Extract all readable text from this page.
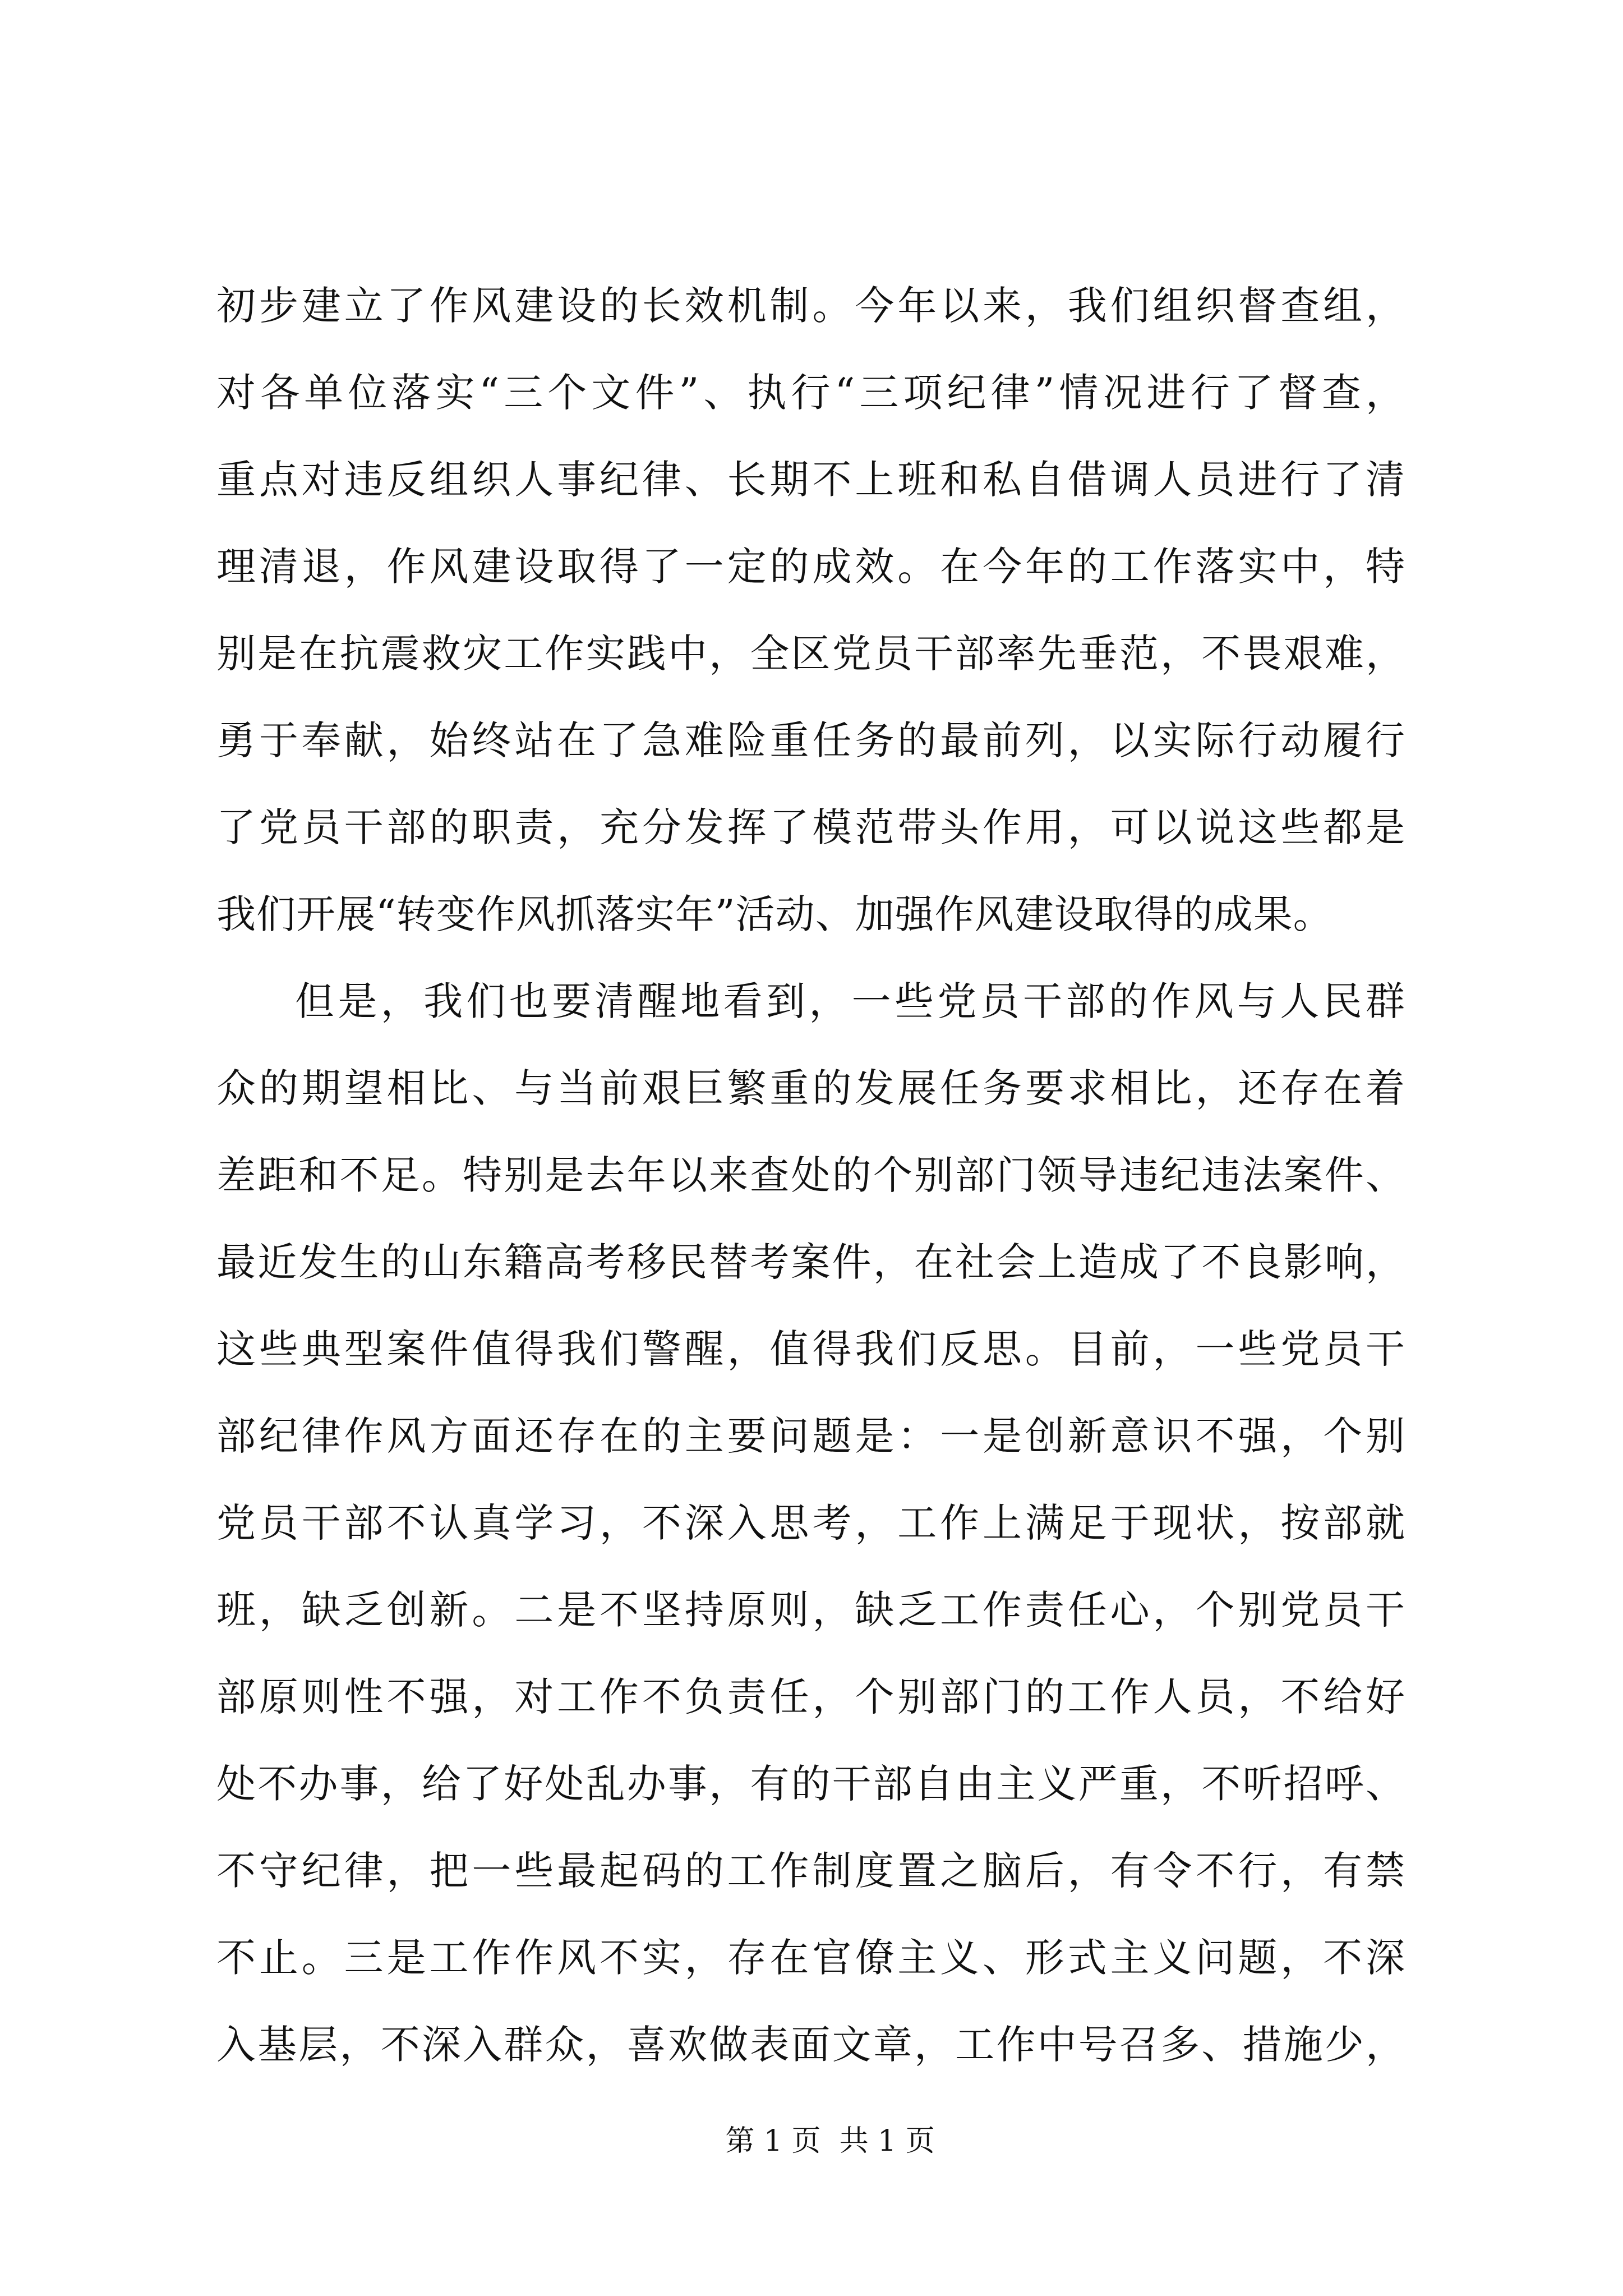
初步建立了作风建设的长效机制。今年以来，我们组织督查组，
对各单位落实“三个文件”、执行“三项纪律”情况进行了督查，
重点对违反组织人事纪律、长期不上班和私自借调人员进行了清
理清退，作风建设取得了一定的成效。在今年的工作落实中，特
别是在抗震救灾工作实践中，全区党员干部率先垂范，不畏艰难，
勇于奉献，始终站在了急难险重任务的最前列，以实际行动履行
了党员干部的职责，充分发挥了模范带头作用，可以说这些都是
我们开展“转变作风抓落实年”活动、加强作风建设取得的成果。
但是，我们也要清醒地看到，一些党员干部的作风与人民群
众的期望相比、与当前艰巨繁重的发展任务要求相比，还存在着
差距和不足。特别是去年以来查处的个别部门领导违纪违法案件、
最近发生的山东籍高考移民替考案件，在社会上造成了不良影响，
这些典型案件值得我们警醒，值得我们反思。目前，一些党员干
部纪律作风方面还存在的主要问题是：一是创新意识不强，个别
党员干部不认真学习，不深入思考，工作上满足于现状，按部就
班，缺乏创新。二是不坚持原则，缺乏工作责任心，个别党员干
部原则性不强，对工作不负责任，个别部门的工作人员，不给好
处不办事，给了好处乱办事，有的干部自由主义严重，不听招呼、
不守纪律，把一些最起码的工作制度置之脑后，有令不行，有禁
不止。三是工作作风不实，存在官僚主义、形式主义问题，不深
入基层，不深入群众，喜欢做表面文章，工作中号召多、措施少，

第 1 页  共 1 页
